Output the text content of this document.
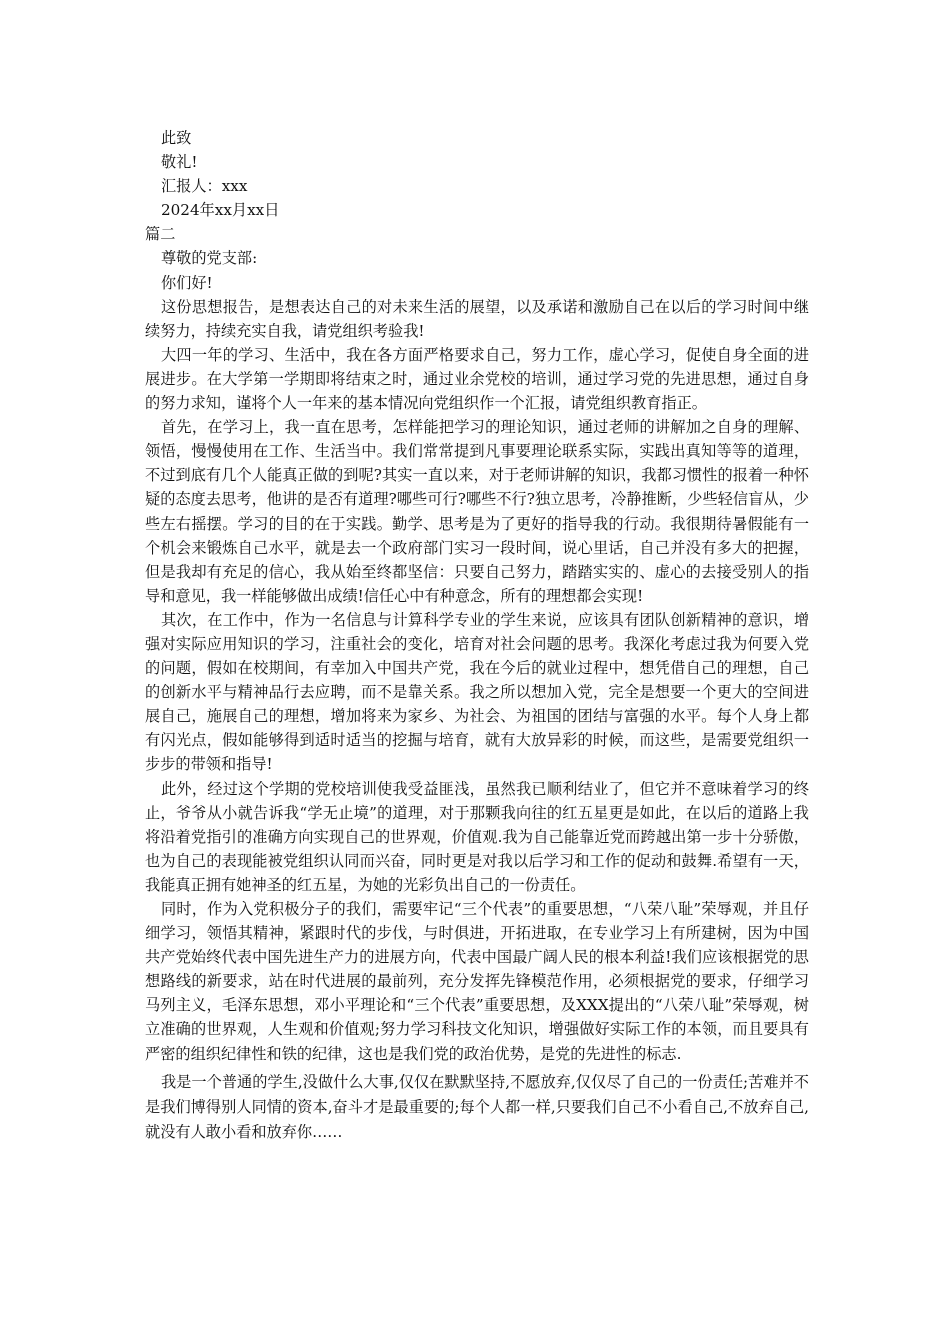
此致

敬礼!

汇报人：xxx

2024年xx月xx日

篇二

尊敬的党支部:

你们好!

这份思想报告，是想表达自己的对未来生活的展望，以及承诺和激励自己在以后的学习时间中继续努力，持续充实自我，请党组织考验我!

大四一年的学习、生活中，我在各方面严格要求自己，努力工作，虚心学习，促使自身全面的进展进步。在大学第一学期即将结束之时，通过业余党校的培训，通过学习党的先进思想，通过自身的努力求知，谨将个人一年来的基本情况向党组织作一个汇报，请党组织教育指正。

首先，在学习上，我一直在思考，怎样能把学习的理论知识，通过老师的讲解加之自身的理解、领悟，慢慢使用在工作、生活当中。我们常常提到凡事要理论联系实际，实践出真知等等的道理，不过到底有几个人能真正做的到呢?其实一直以来，对于老师讲解的知识，我都习惯性的报着一种怀疑的态度去思考，他讲的是否有道理?哪些可行?哪些不行?独立思考，冷静推断，少些轻信盲从，少些左右摇摆。学习的目的在于实践。勤学、思考是为了更好的指导我的行动。我很期待暑假能有一个机会来锻炼自己水平，就是去一个政府部门实习一段时间，说心里话，自己并没有多大的把握，但是我却有充足的信心，我从始至终都坚信：只要自己努力，踏踏实实的、虚心的去接受别人的指导和意见，我一样能够做出成绩!信任心中有种意念，所有的理想都会实现!

其次，在工作中，作为一名信息与计算科学专业的学生来说，应该具有团队创新精神的意识，增强对实际应用知识的学习，注重社会的变化，培育对社会问题的思考。我深化考虑过我为何要入党的问题，假如在校期间，有幸加入中国共产党，我在今后的就业过程中，想凭借自己的理想，自己的创新水平与精神品行去应聘，而不是靠关系。我之所以想加入党，完全是想要一个更大的空间进展自己，施展自己的理想，增加将来为家乡、为社会、为祖国的团结与富强的水平。每个人身上都有闪光点，假如能够得到适时适当的挖掘与培育，就有大放异彩的时候，而这些，是需要党组织一步步的带领和指导!

此外，经过这个学期的党校培训使我受益匪浅，虽然我已顺利结业了，但它并不意味着学习的终止，爷爷从小就告诉我“学无止境”的道理，对于那颗我向往的红五星更是如此，在以后的道路上我将沿着党指引的准确方向实现自己的世界观，价值观.我为自己能靠近党而跨越出第一步十分骄傲，也为自己的表现能被党组织认同而兴奋，同时更是对我以后学习和工作的促动和鼓舞.希望有一天，我能真正拥有她神圣的红五星，为她的光彩负出自己的一份责任。

同时，作为入党积极分子的我们，需要牢记“三个代表”的重要思想，“八荣八耻”荣辱观，并且仔细学习，领悟其精神，紧跟时代的步伐，与时俱进，开拓进取，在专业学习上有所建树，因为中国共产党始终代表中国先进生产力的进展方向，代表中国最广阔人民的根本利益!我们应该根据党的思想路线的新要求，站在时代进展的最前列，充分发挥先锋模范作用，必须根据党的要求，仔细学习马列主义，毛泽东思想，邓小平理论和“三个代表”重要思想，及XXX提出的“八荣八耻”荣辱观，树立准确的世界观，人生观和价值观;努力学习科技文化知识，增强做好实际工作的本领，而且要具有严密的组织纪律性和铁的纪律，这也是我们党的政治优势，是党的先进性的标志.

我是一个普通的学生,没做什么大事,仅仅在默默坚持,不愿放弃,仅仅尽了自己的一份责任;苦难并不是我们博得别人同情的资本,奋斗才是最重要的;每个人都一样,只要我们自己不小看自己,不放弃自己,就没有人敢小看和放弃你……
